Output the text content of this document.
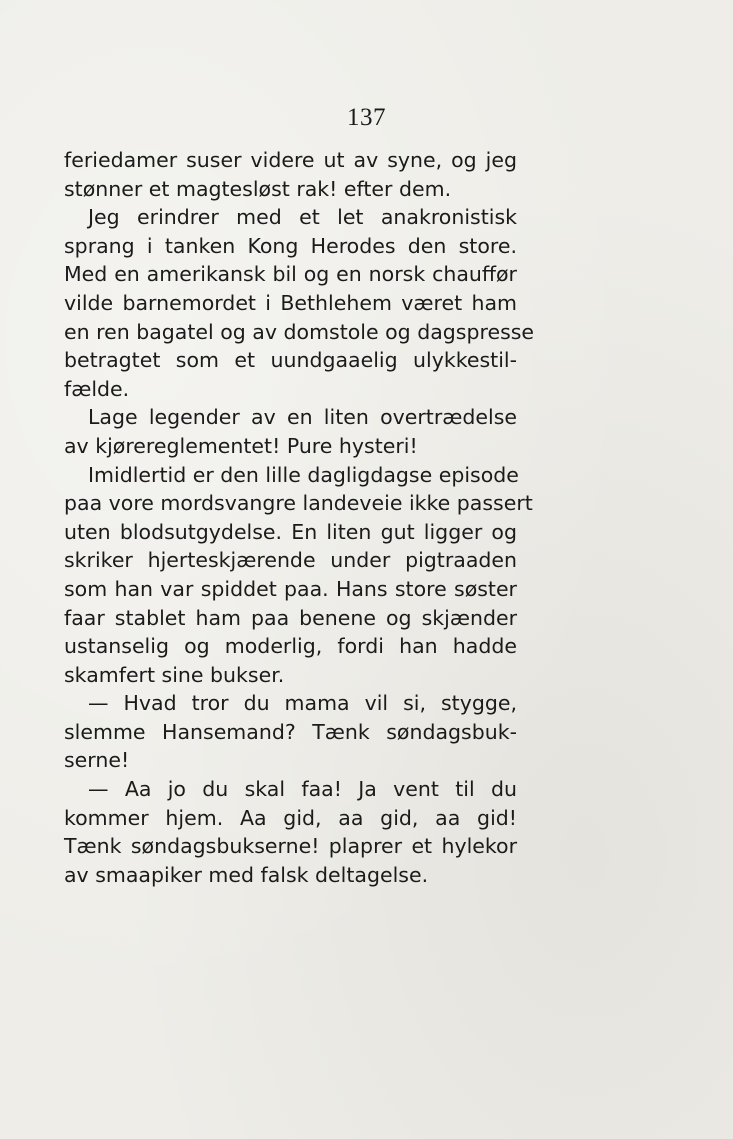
137
feriedamer suser videre ut av syne, og jeg
stønner et magtesløst rak! efter dem.
Jeg erindrer med et let anakronistisk
sprang i tanken Kong Herodes den store.
Med en amerikansk bil og en norsk chauffør
vilde barnemordet i Bethlehem været ham
en ren bagatel og av domstole og dagspresse
betragtet som et uundgaaelig ulykkestil-
fælde.
Lage legender av en liten overtrædelse
av kjørereglementet! Pure hysteri!
Imidlertid er den lille dagligdagse episode
paa vore mordsvangre landeveie ikke passert
uten blodsutgydelse. En liten gut ligger og
skriker hjerteskjærende under pigtraaden
som han var spiddet paa. Hans store søster
faar stablet ham paa benene og skjænder
ustanselig og moderlig, fordi han hadde
skamfert sine bukser.
— Hvad tror du mama vil si, stygge,
slemme Hansemand? Tænk søndagsbuk-
serne!
— Aa jo du skal faa! Ja vent til du
kommer hjem. Aa gid, aa gid, aa gid!
Tænk søndagsbukserne! plaprer et hylekor
av smaapiker med falsk deltagelse.
